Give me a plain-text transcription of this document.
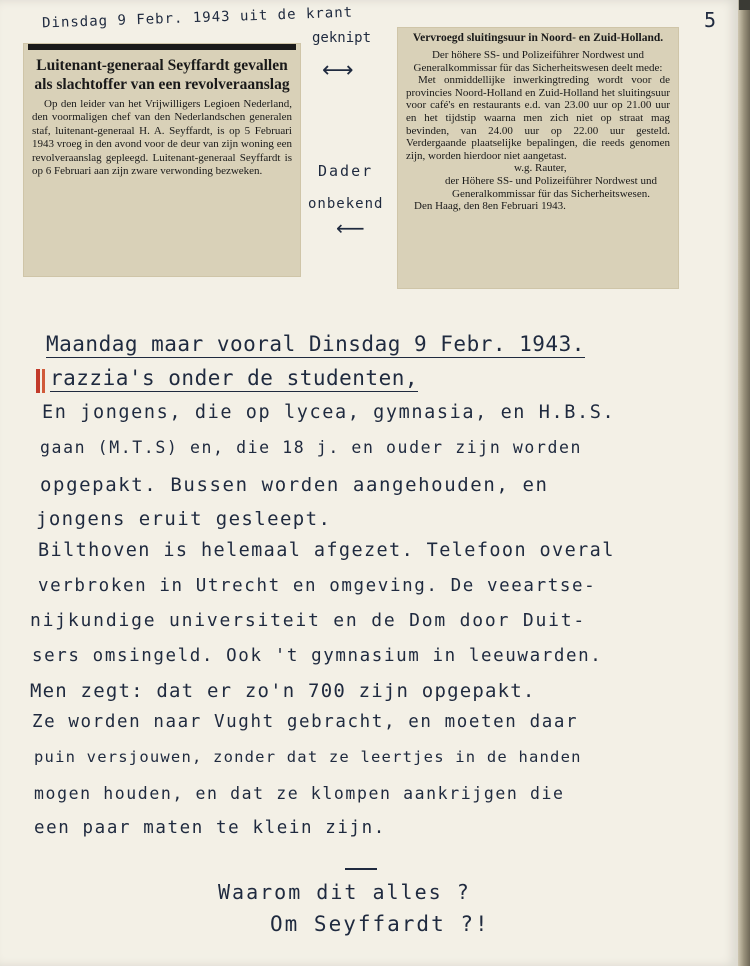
5
Dinsdag 9 Febr. 1943 uit de krant
geknipt
⟷
Dader
onbekend
⟵
Luitenant-generaal Seyffardt gevallen als slachtoffer van een revolveraanslag
Op den leider van het Vrijwilligers Legioen Nederland, den voormaligen chef van den Nederlandschen generalen staf, luitenant-generaal H. A. Seyffardt, is op 5 Februari 1943 vroeg in den avond voor de deur van zijn woning een revolveraanslag gepleegd. Luitenant-generaal Seyffardt is op 6 Februari aan zijn zware verwonding bezweken.
Vervroegd sluitingsuur in Noord- en Zuid-Holland.
Der höhere SS- und Polizeiführer Nordwest und Generalkommissar für das Sicherheitswesen deelt mede:

Met onmiddellijke inwerkingtreding wordt voor de provincies Noord-Holland en Zuid-Holland het sluitingsuur voor café's en restaurants e.d. van 23.00 uur op 21.00 uur en het tijdstip waarna men zich niet op straat mag bevinden, van 24.00 uur op 22.00 uur gesteld. Verdergaande plaatselijke bepalingen, die reeds genomen zijn, worden hierdoor niet aangetast.

w.g. Rauter,
der Höhere SS- und Polizeiführer Nordwest und Generalkommissar für das Sicherheitswesen.
Den Haag, den 8en Februari 1943.
Maandag maar vooral Dinsdag 9 Febr. 1943.
razzia's onder de studenten,
En jongens, die op lycea, gymnasia, en H.B.S.
gaan (M.T.S) en, die 18 j. en ouder zijn worden
opgepakt. Bussen worden aangehouden, en
jongens eruit gesleept.
Bilthoven is helemaal afgezet. Telefoon overal
verbroken in Utrecht en omgeving. De veeartse-
nijkundige universiteit en de Dom door Duit-
sers omsingeld. Ook 't gymnasium in leeuwarden.
Men zegt: dat er zo'n 700 zijn opgepakt.
Ze worden naar Vught gebracht, en moeten daar
puin versjouwen, zonder dat ze leertjes in de handen
mogen houden, en dat ze klompen aankrijgen die
een paar maten te klein zijn.
Waarom dit alles ?
Om Seyffardt ?!
